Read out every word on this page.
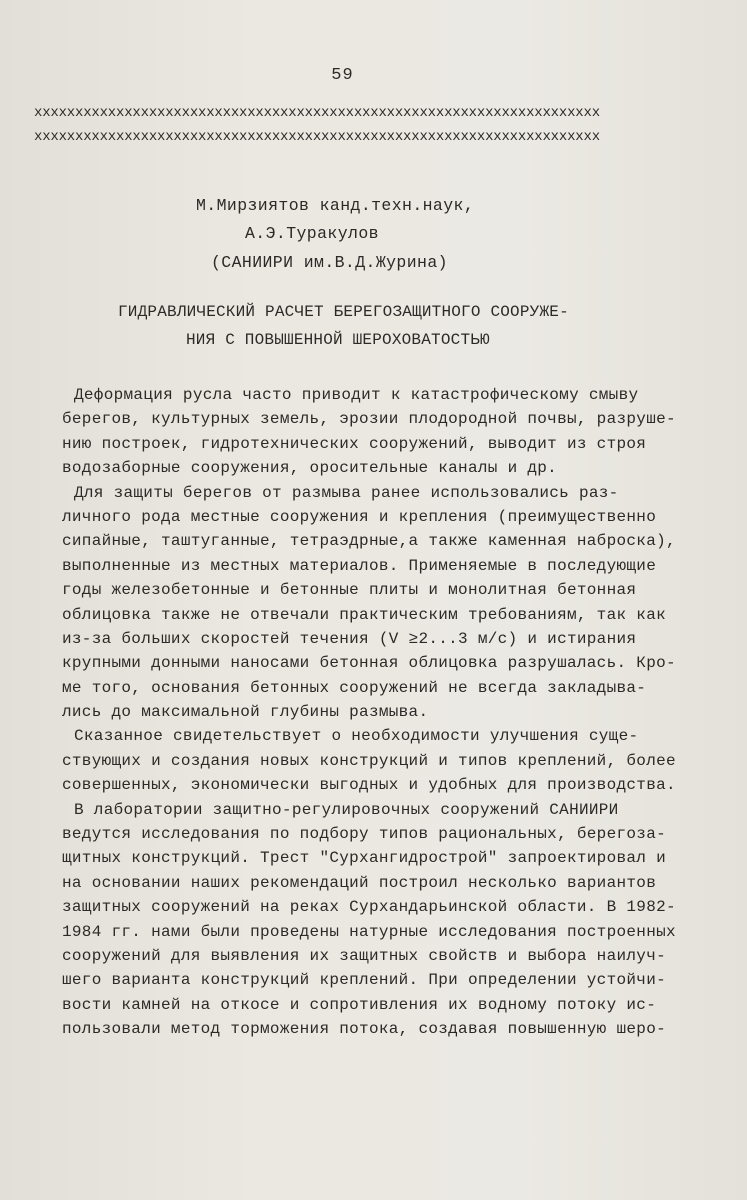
59
xxxxxxxxxxxxxxxxxxxxxxxxxxxxxxxxxxxxxxxxxxxxxxxxxxxxxxxxxxxxxxxxxxxxx
xxxxxxxxxxxxxxxxxxxxxxxxxxxxxxxxxxxxxxxxxxxxxxxxxxxxxxxxxxxxxxxxxxxxx
М.Мирзиятов канд.техн.наук,
А.Э.Туракулов
(САНИИРИ им.В.Д.Журина)
ГИДРАВЛИЧЕСКИЙ РАСЧЕТ БЕРЕГОЗАЩИТНОГО СООРУЖЕ-
НИЯ С ПОВЫШЕННОЙ ШЕРОХОВАТОСТЬЮ
Деформация русла часто приводит к катастрофическому смыву
берегов, культурных земель, эрозии плодородной почвы, разруше-
нию построек, гидротехнических сооружений, выводит из строя
водозаборные сооружения, оросительные каналы и др.
Для защиты берегов от размыва ранее использовались раз-
личного рода местные сооружения и крепления (преимущественно
сипайные, таштуганные, тетраэдрные,а также каменная наброска),
выполненные из местных материалов. Применяемые в последующие
годы железобетонные и бетонные плиты и монолитная бетонная
облицовка также не отвечали практическим требованиям, так как
из-за больших скоростей течения (V ≥2...3 м/с) и истирания
крупными донными наносами бетонная облицовка разрушалась. Кро-
ме того, основания бетонных сооружений не всегда закладыва-
лись до максимальной глубины размыва.
Сказанное свидетельствует о необходимости улучшения суще-
ствующих и создания новых конструкций и типов креплений, более
совершенных, экономически выгодных и удобных для производства.
В лаборатории защитно-регулировочных сооружений САНИИРИ
ведутся исследования по подбору типов рациональных, берегоза-
щитных конструкций. Трест "Сурхангидрострой" запроектировал и
на основании наших рекомендаций построил несколько вариантов
защитных сооружений на реках Сурхандарьинской области. В 1982-
1984 гг. нами были проведены натурные исследования построенных
сооружений для выявления их защитных свойств и выбора наилуч-
шего варианта конструкций креплений. При определении устойчи-
вости камней на откосе и сопротивления их водному потоку ис-
пользовали метод торможения потока, создавая повышенную шеро-
